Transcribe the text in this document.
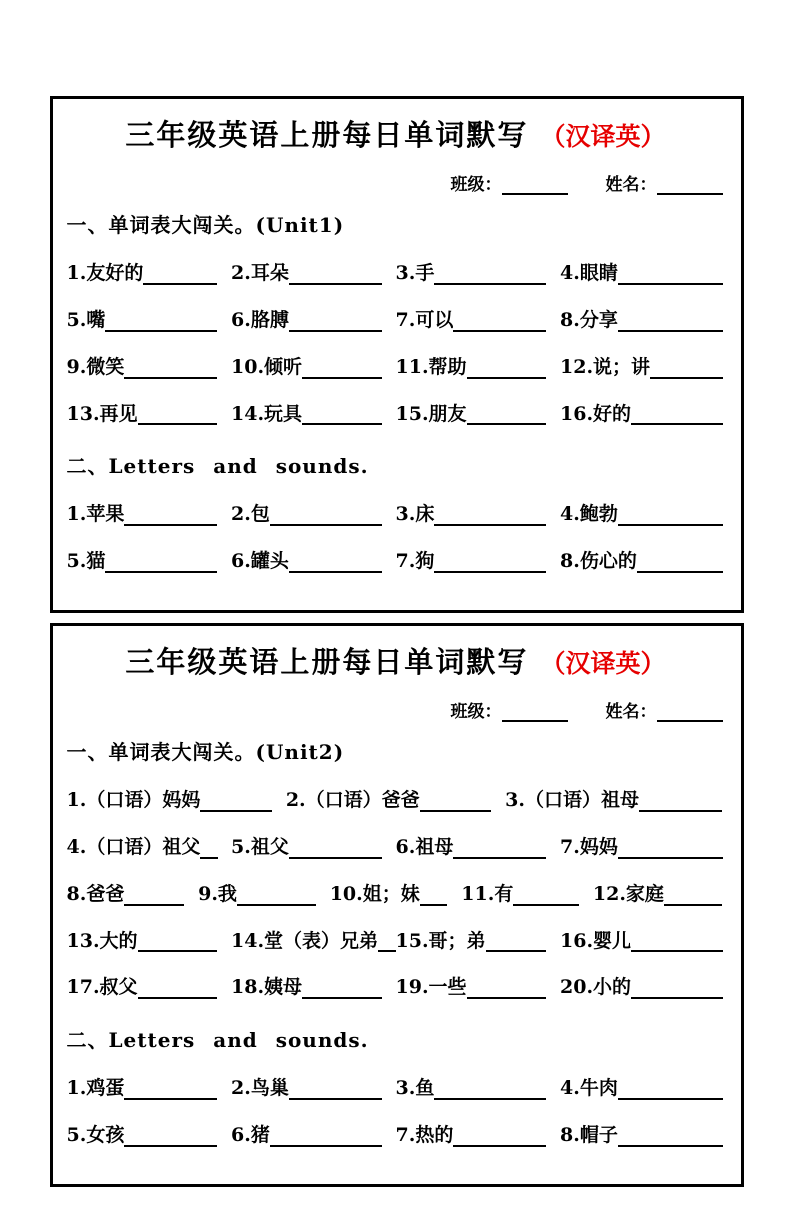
三年级英语上册每日单词默写 （汉译英）
班级：	姓名：
一、单词表大闯关。(Unit1)
1.友好的	2.耳朵	3.手	4.眼睛
5.嘴	6.胳膊	7.可以	8.分享
9.微笑	10.倾听	11.帮助	12.说；讲
13.再见	14.玩具	15.朋友	16.好的
二、Letters and sounds.
1.苹果	2.包	3.床	4.鲍勃
5.猫	6.罐头	7.狗	8.伤心的
三年级英语上册每日单词默写 （汉译英）
班级：	姓名：
一、单词表大闯关。(Unit2)
1.（口语）妈妈	2.（口语）爸爸	3.（口语）祖母
4.（口语）祖父 5.祖父	6.祖母	7.妈妈
8.爸爸	9.我	10.姐；妹 11.有	12.家庭
13.大的	14.堂（表）兄弟 15.哥；弟	16.婴儿
17.叔父	18.姨母	19.一些	20.小的
二、Letters and sounds.
1.鸡蛋	2.鸟巢	3.鱼	4.牛肉
5.女孩	6.猪	7.热的	8.帽子
